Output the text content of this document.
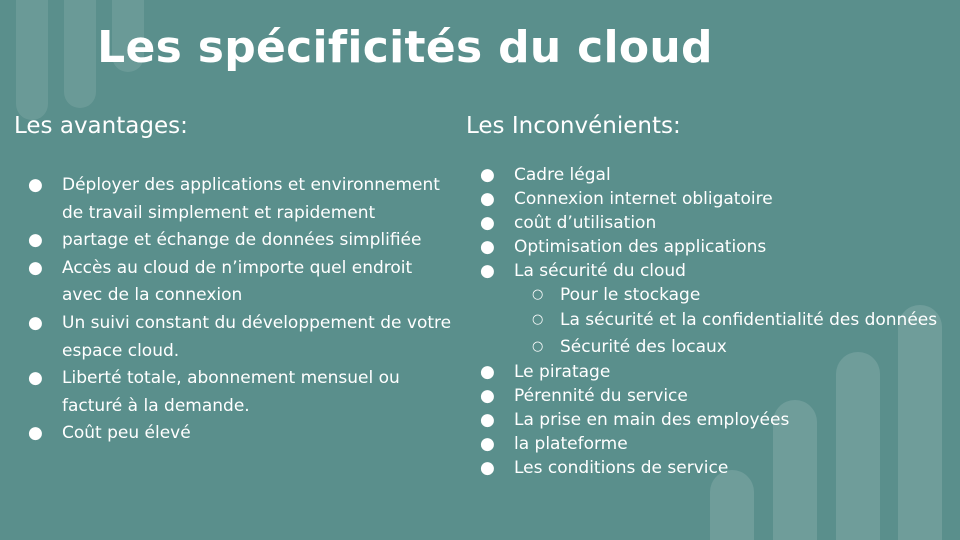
Les spécificités du cloud
Les avantages:	Les Inconvénients:
● Déployer des applications et environnement de travail simplement et rapidement
● partage et échange de données simplifiée
● Accès au cloud de n’importe quel endroit avec de la connexion
● Un suivi constant du développement de votre espace cloud.
● Liberté totale, abonnement mensuel ou facturé à la demande.
● Coût peu élevé
● Cadre légal
● Connexion internet obligatoire
● coût d’utilisation
● Optimisation des applications
● La sécurité du cloud
○ Pour le stockage
○ La sécurité et la confidentialité des données
○ Sécurité des locaux
● Le piratage
● Pérennité du service
● La prise en main des employées
● la plateforme
● Les conditions de service
